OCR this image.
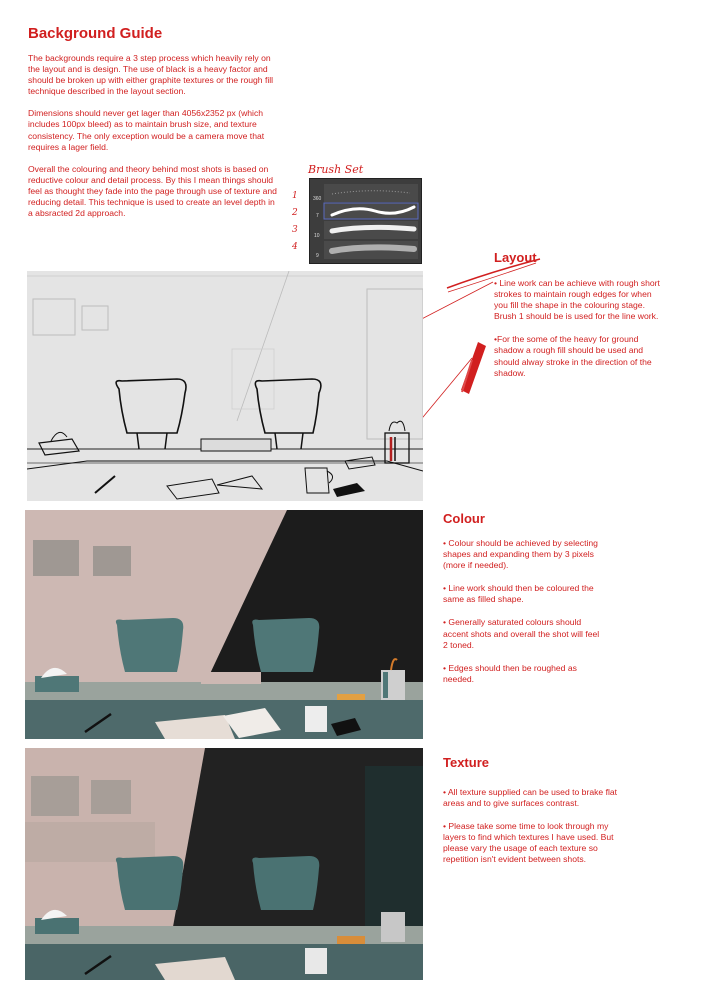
Background Guide

The backgrounds require a 3 step process which heavily rely on the layout and is design. The use of black is a heavy factor and should be broken up with either graphite textures or the rough fill technique described in the layout section.

Dimensions should never get lager than 4056x2352 px (which includes 100px bleed) as to maintain brush size, and texture consistency. The only exception would be a camera move that requires a lager field.

Overall the colouring and theory behind most shots is based on reductive colour and detail process. By this I mean things should feel as thought they fade into the page through use of texture and reducing detail. This technique is used to create an level depth in a absracted 2d approach.

Brush Set
1
2
3
4
360
7
10
9	Layout

• Line work can be achieve with rough short strokes to maintain rough edges for when you fill the shape in the colouring stage. Brush 1 should be is used for the line work.

•For the some of the heavy for ground shadow a rough fill should be used and should alway stroke in the direction of the shadow.

Colour

• Colour should be achieved by selecting shapes and expanding them by 3 pixels (more if needed).

• Line work should then be coloured the same as filled shape.

• Generally saturated colours should accent shots and overall the shot will feel 2 toned.

• Edges should then be roughed as needed.

Texture

• All texture supplied can be used to brake flat areas and to give surfaces contrast.

• Please take some time to look through my layers to find which textures I have used. But please vary the usage of each texture so repetition isn't evident between shots.
